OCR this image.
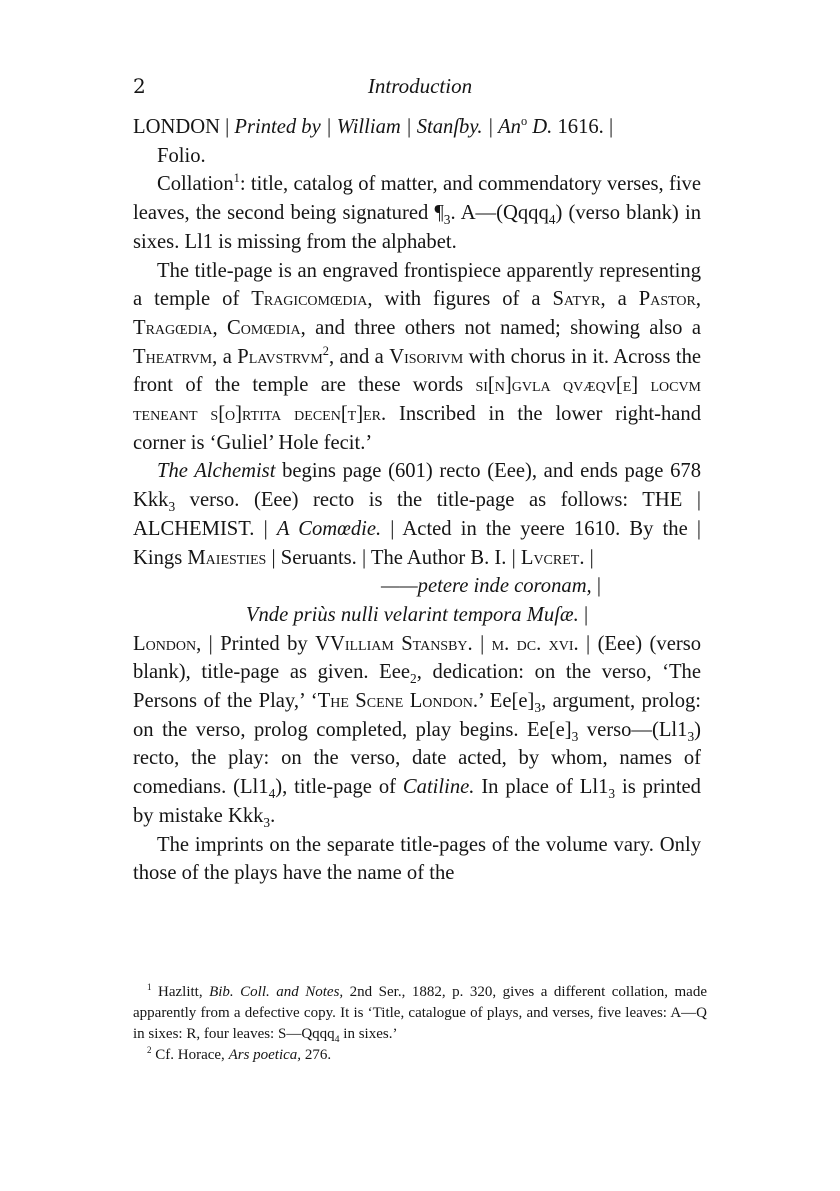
2	Introduction

LONDON | Printed by | William | Stanſby. | An$^o$ D. 1616. |

Folio.

Collation$^1$: title, catalog of matter, and commendatory verses, five leaves, the second being signatured $\P_3$. A—(Qqqq$_4$) (verso blank) in sixes. Ll1 is missing from the alphabet.

The title-page is an engraved frontispiece apparently representing a temple of Tragicomœdia, with figures of a Satyr, a Pastor, Tragœdia, Comœdia, and three others not named; showing also a Theatrvm, a Plavstrvm$^2$, and a Visorivm with chorus in it. Across the front of the temple are these words si[n]gvla qvæqv[e] locvm teneant s[o]rtita decen[t]er. Inscribed in the lower right-hand corner is ‘Guliel’ Hole fecit.’

The Alchemist begins page (601) recto (Eee), and ends page 678 Kkk$_3$ verso. (Eee) recto is the title-page as follows: THE | ALCHEMIST. | A Comœdie. | Acted in the yeere 1610. By the | Kings Maiesties | Seruants. | The Author B. I. | Lvcret. |

——petere inde coronam, |

Vnde priùs nulli velarint tempora Muſæ. |

London, | Printed by VVilliam Stansby. | m. dc. xvi. | (Eee) (verso blank), title-page as given. Eee$_2$, dedication: on the verso, ‘The Persons of the Play,’ ‘The Scene London.’ $Ee[e]_3$, argument, prolog: on the verso, prolog completed, play begins. $Ee[e]_3$ $verso—(Ll1_3)$ recto, the play: on the verso, date acted, by whom, names of comedians. $(Ll1_4)$, title-page of Catiline. In place of $Ll1_3$ is printed by mistake Kkk$_3$.

The imprints on the separate title-pages of the volume vary. Only those of the plays have the name of the

$^1$ Hazlitt, Bib. Coll. and Notes, 2nd Ser., 1882, p. 320, gives a different collation, made apparently from a defective copy. It is ‘Title, catalogue of plays, and verses, five leaves: A—Q in sixes: R, four leaves: S—Qqqq$_4$ in sixes.’

$^2$ Cf. Horace, Ars poetica, 276.
